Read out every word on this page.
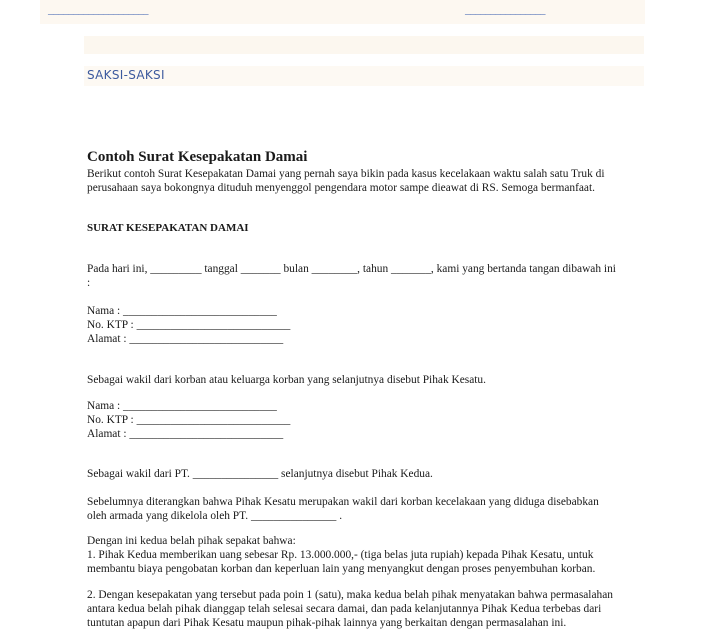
____________________	________________
SAKSI-SAKSI
Contoh Surat Kesepakatan Damai
Berikut contoh Surat Kesepakatan Damai yang pernah saya bikin pada kasus kecelakaan waktu salah satu Truk di
perusahaan saya bokongnya dituduh menyenggol pengendara motor sampe dieawat di RS. Semoga bermanfaat.
SURAT KESEPAKATAN DAMAI
Pada hari ini, _________ tanggal _______ bulan ________, tahun _______, kami yang bertanda tangan dibawah ini
:
Nama : ___________________________
No. KTP : ___________________________
Alamat : ___________________________
Sebagai wakil dari korban atau keluarga korban yang selanjutnya disebut Pihak Kesatu.
Nama : ___________________________
No. KTP : ___________________________
Alamat : ___________________________
Sebagai wakil dari PT. _______________ selanjutnya disebut Pihak Kedua.
Sebelumnya diterangkan bahwa Pihak Kesatu merupakan wakil dari korban kecelakaan yang diduga disebabkan
oleh armada yang dikelola oleh PT. _______________ .
Dengan ini kedua belah pihak sepakat bahwa:
1. Pihak Kedua memberikan uang sebesar Rp. 13.000.000,- (tiga belas juta rupiah) kepada Pihak Kesatu, untuk
membantu biaya pengobatan korban dan keperluan lain yang menyangkut dengan proses penyembuhan korban.
2. Dengan kesepakatan yang tersebut pada poin 1 (satu), maka kedua belah pihak menyatakan bahwa permasalahan
antara kedua belah pihak dianggap telah selesai secara damai, dan pada kelanjutannya Pihak Kedua terbebas dari
tuntutan apapun dari Pihak Kesatu maupun pihak-pihak lainnya yang berkaitan dengan permasalahan ini.
